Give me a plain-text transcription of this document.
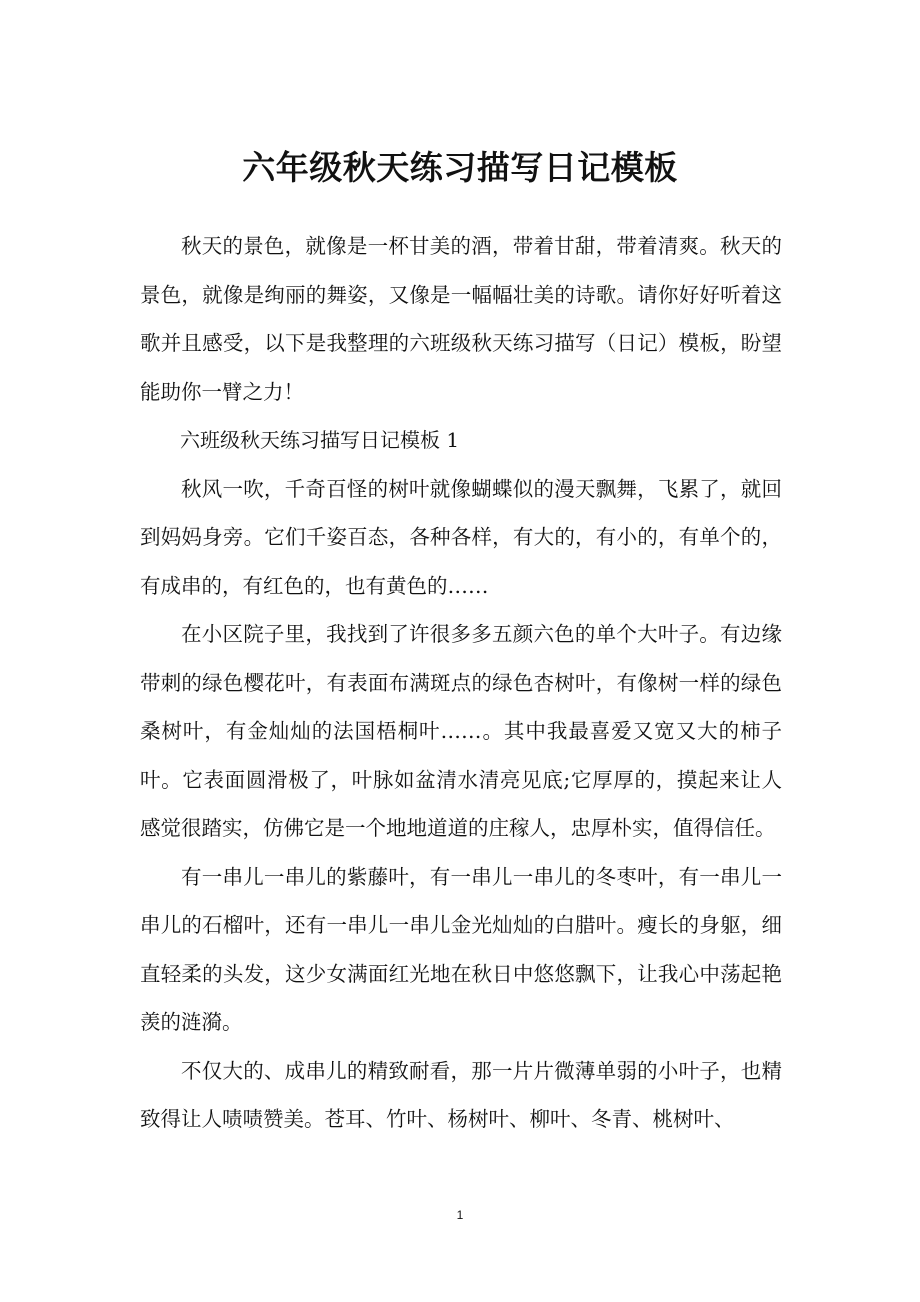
六年级秋天练习描写日记模板

秋天的景色，就像是一杯甘美的酒，带着甘甜，带着清爽。秋天的景色，就像是绚丽的舞姿，又像是一幅幅壮美的诗歌。请你好好听着这歌并且感受，以下是我整理的六班级秋天练习描写（日记）模板，盼望能助你一臂之力！

六班级秋天练习描写日记模板 1

秋风一吹，千奇百怪的树叶就像蝴蝶似的漫天飘舞，飞累了，就回到妈妈身旁。它们千姿百态，各种各样，有大的，有小的，有单个的，有成串的，有红色的，也有黄色的……

在小区院子里，我找到了许很多多五颜六色的单个大叶子。有边缘带刺的绿色樱花叶，有表面布满斑点的绿色杏树叶，有像树一样的绿色桑树叶，有金灿灿的法国梧桐叶……。其中我最喜爱又宽又大的柿子叶。它表面圆滑极了，叶脉如盆清水清亮见底;它厚厚的，摸起来让人感觉很踏实，仿佛它是一个地地道道的庄稼人，忠厚朴实，值得信任。

有一串儿一串儿的紫藤叶，有一串儿一串儿的冬枣叶，有一串儿一串儿的石榴叶，还有一串儿一串儿金光灿灿的白腊叶。瘦长的身躯，细直轻柔的头发，这少女满面红光地在秋日中悠悠飘下，让我心中荡起艳羡的涟漪。

不仅大的、成串儿的精致耐看，那一片片微薄单弱的小叶子，也精致得让人啧啧赞美。苍耳、竹叶、杨树叶、柳叶、冬青、桃树叶、

1
